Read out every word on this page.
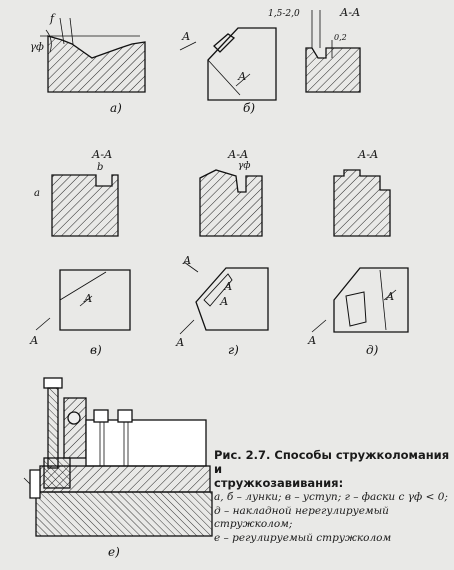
f
γф
а)
А
А
б)
1,5-2,0
0,2
А-А
А-А
b
a
А-А
γф
А-А
А
А
в)
А
А
А
А
г)
А
А
д)
е)
Рис. 2.7. Способы стружколомания и
стружкозавивания:
а, б – лунки; в – уступ; г – фаски с γф < 0;
д – накладной нерегулируемый стружколом;
е – регулируемый стружколом
